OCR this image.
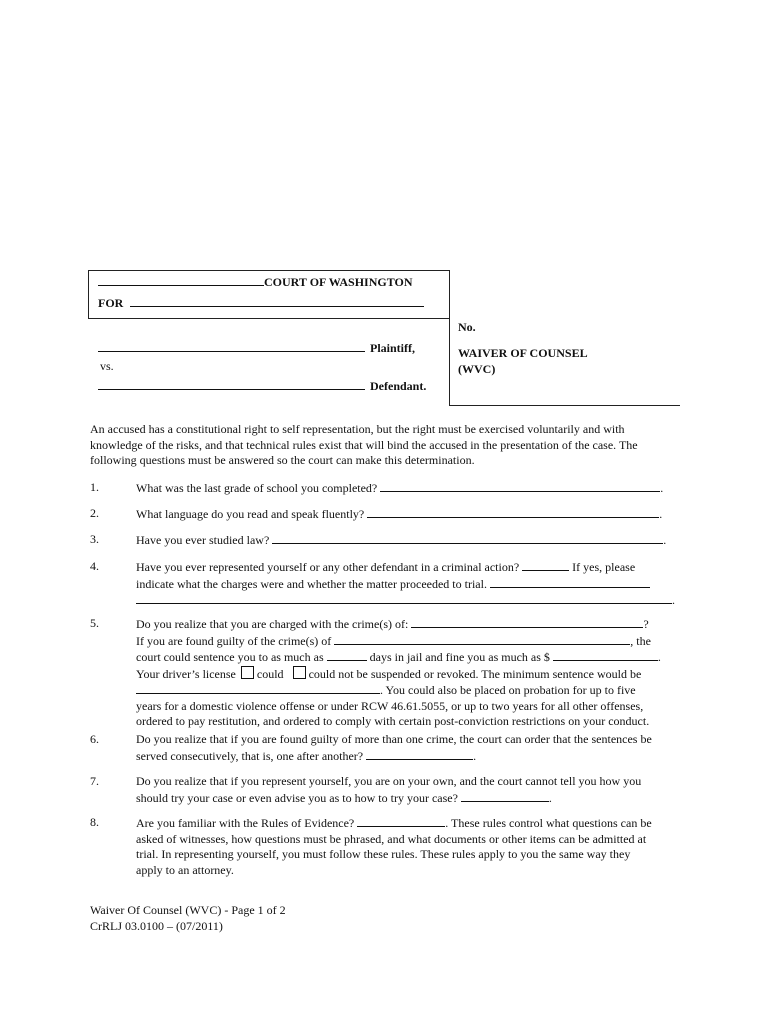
COURT OF WASHINGTON
FOR
Plaintiff,
vs.
Defendant.
No.
WAIVER OF COUNSEL
(WVC)
An accused has a constitutional right to self representation, but the right must be exercised voluntarily and with knowledge of the risks, and that technical rules exist that will bind the accused in the presentation of the case. The following questions must be answered so the court can make this determination.
1.	What was the last grade of school you completed?	.
2.	What language do you read and speak fluently?	.
3.	Have you ever studied law?	.
4.	Have you ever represented yourself or any other defendant in a criminal action?	If yes, please
indicate what the charges were and whether the matter proceeded to trial.
.
5.	Do you realize that you are charged with the crime(s) of:	?
If you are found guilty of the crime(s) of	, the
court could sentence you to as much as	days in jail and fine you as much as $	.
Your driver’s license could could not be suspended or revoked. The minimum sentence would be
. You could also be placed on probation for up to five
years for a domestic violence offense or under RCW 46.61.5055, or up to two years for all other offenses,
ordered to pay restitution, and ordered to comply with certain post-conviction restrictions on your conduct.
6.	Do you realize that if you are found guilty of more than one crime, the court can order that the sentences be
served consecutively, that is, one after another?	.
7.	Do you realize that if you represent yourself, you are on your own, and the court cannot tell you how you
should try your case or even advise you as to how to try your case?	.
8.	Are you familiar with the Rules of Evidence?	. These rules control what questions can be
asked of witnesses, how questions must be phrased, and what documents or other items can be admitted at
trial. In representing yourself, you must follow these rules. These rules apply to you the same way they
apply to an attorney.
Waiver Of Counsel (WVC) - Page 1 of 2
CrRLJ 03.0100 – (07/2011)
